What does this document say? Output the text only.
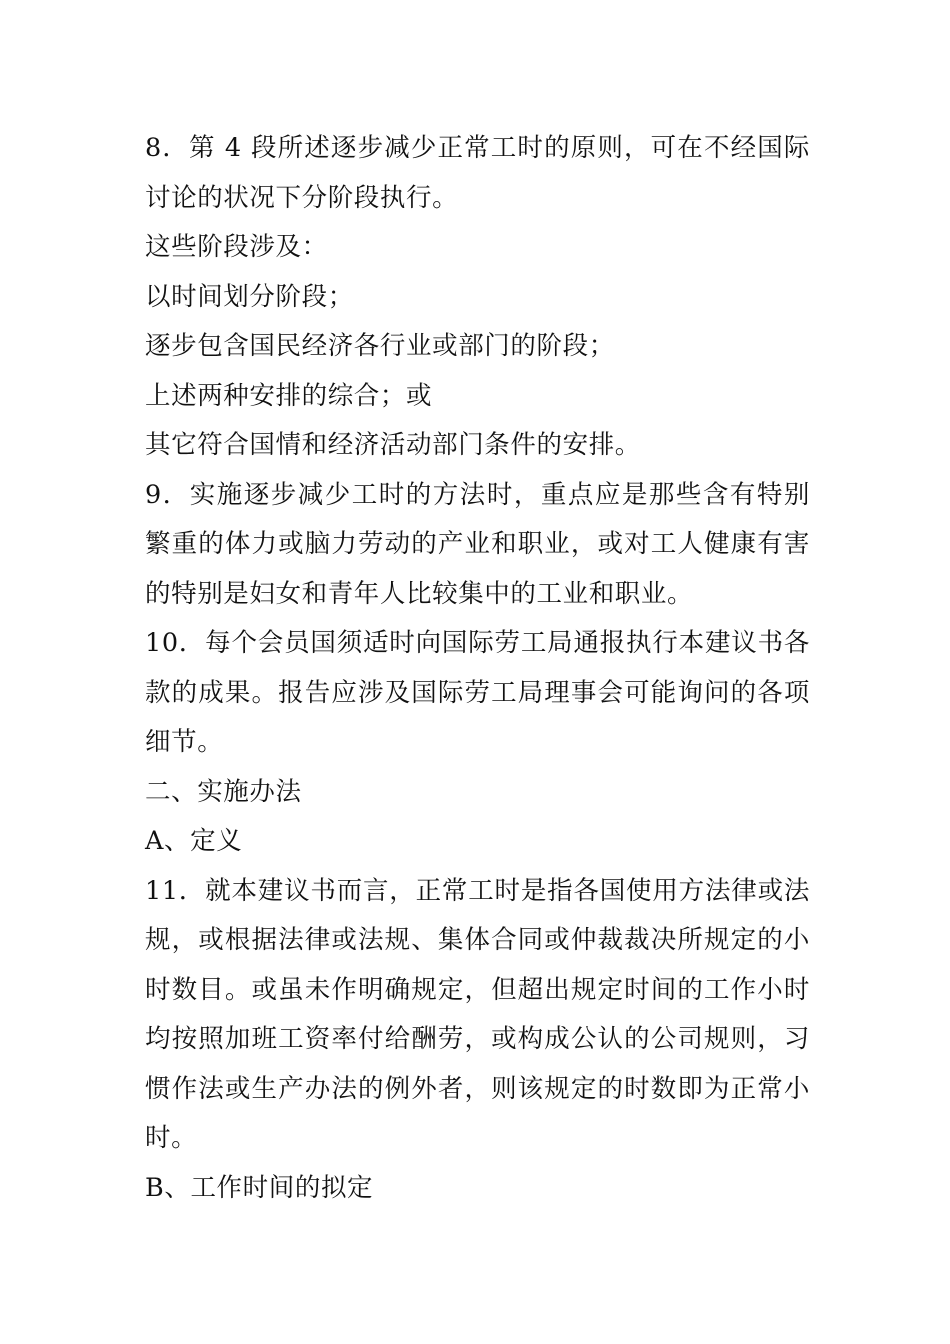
8．第 4 段所述逐步减少正常工时的原则，可在不经国际讨论的状况下分阶段执行。

这些阶段涉及：

以时间划分阶段；

逐步包含国民经济各行业或部门的阶段；

上述两种安排的综合；或

其它符合国情和经济活动部门条件的安排。

9．实施逐步减少工时的方法时，重点应是那些含有特别繁重的体力或脑力劳动的产业和职业，或对工人健康有害的特别是妇女和青年人比较集中的工业和职业。

10．每个会员国须适时向国际劳工局通报执行本建议书各款的成果。报告应涉及国际劳工局理事会可能询问的各项细节。

二、实施办法

A、定义

11．就本建议书而言，正常工时是指各国使用方法律或法规，或根据法律或法规、集体合同或仲裁裁决所规定的小时数目。或虽未作明确规定，但超出规定时间的工作小时均按照加班工资率付给酬劳，或构成公认的公司规则，习惯作法或生产办法的例外者，则该规定的时数即为正常小时。

B、工作时间的拟定
